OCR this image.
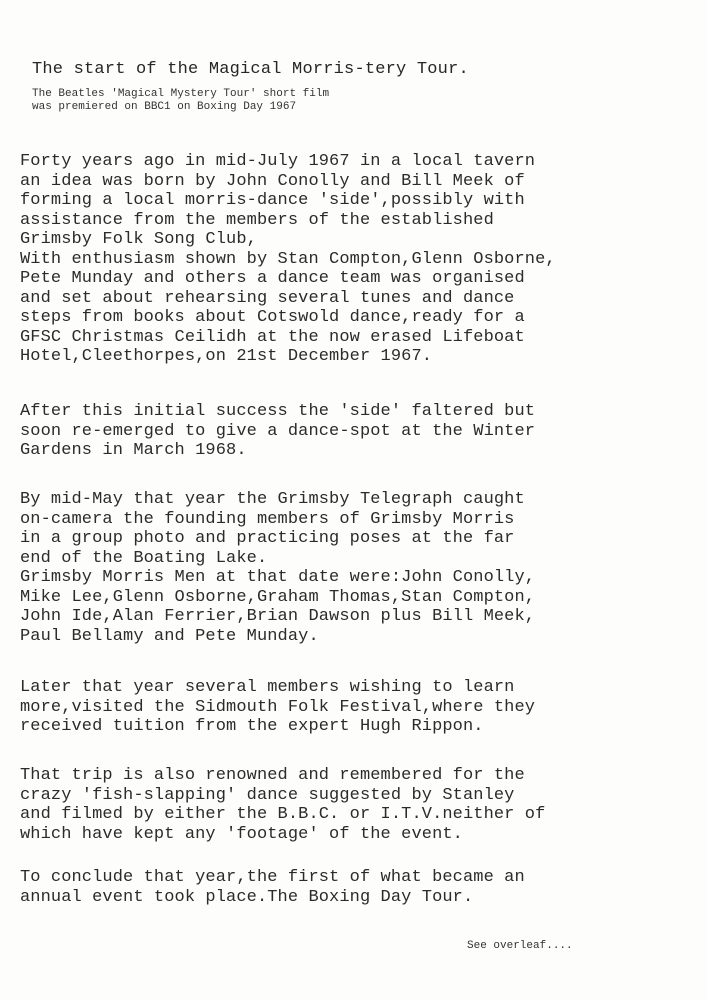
The start of the Magical Morris-tery Tour.
The Beatles 'Magical Mystery Tour' short film
was premiered on BBC1 on Boxing Day 1967
Forty years ago in mid-July 1967 in a local tavern
an idea was born by John Conolly and Bill Meek of
forming a local morris-dance 'side',possibly with
assistance from the members of the established
Grimsby Folk Song Club,
With enthusiasm shown by Stan Compton,Glenn Osborne,
Pete Munday and others a dance team was organised
and set about rehearsing several tunes and dance
steps from books about Cotswold dance,ready for a
GFSC Christmas Ceilidh at the now erased Lifeboat
Hotel,Cleethorpes,on 21st December 1967.
After this initial success the 'side' faltered but
soon re-emerged to give a dance-spot at the Winter
Gardens in March 1968.
By mid-May that year the Grimsby Telegraph caught
on-camera the founding members of Grimsby Morris
in a group photo and practicing poses at the far
end of the Boating Lake.
Grimsby Morris Men at that date were:John Conolly,
Mike Lee,Glenn Osborne,Graham Thomas,Stan Compton,
John Ide,Alan Ferrier,Brian Dawson plus Bill Meek,
Paul Bellamy and Pete Munday.
Later that year several members wishing to learn
more,visited the Sidmouth Folk Festival,where they
received tuition from the expert Hugh Rippon.
That trip is also renowned and remembered for the
crazy 'fish-slapping' dance suggested by Stanley
and filmed by either the B.B.C. or I.T.V.neither of
which have kept any 'footage' of the event.
To conclude that year,the first of what became an
annual event took place.The Boxing Day Tour.
See overleaf....
